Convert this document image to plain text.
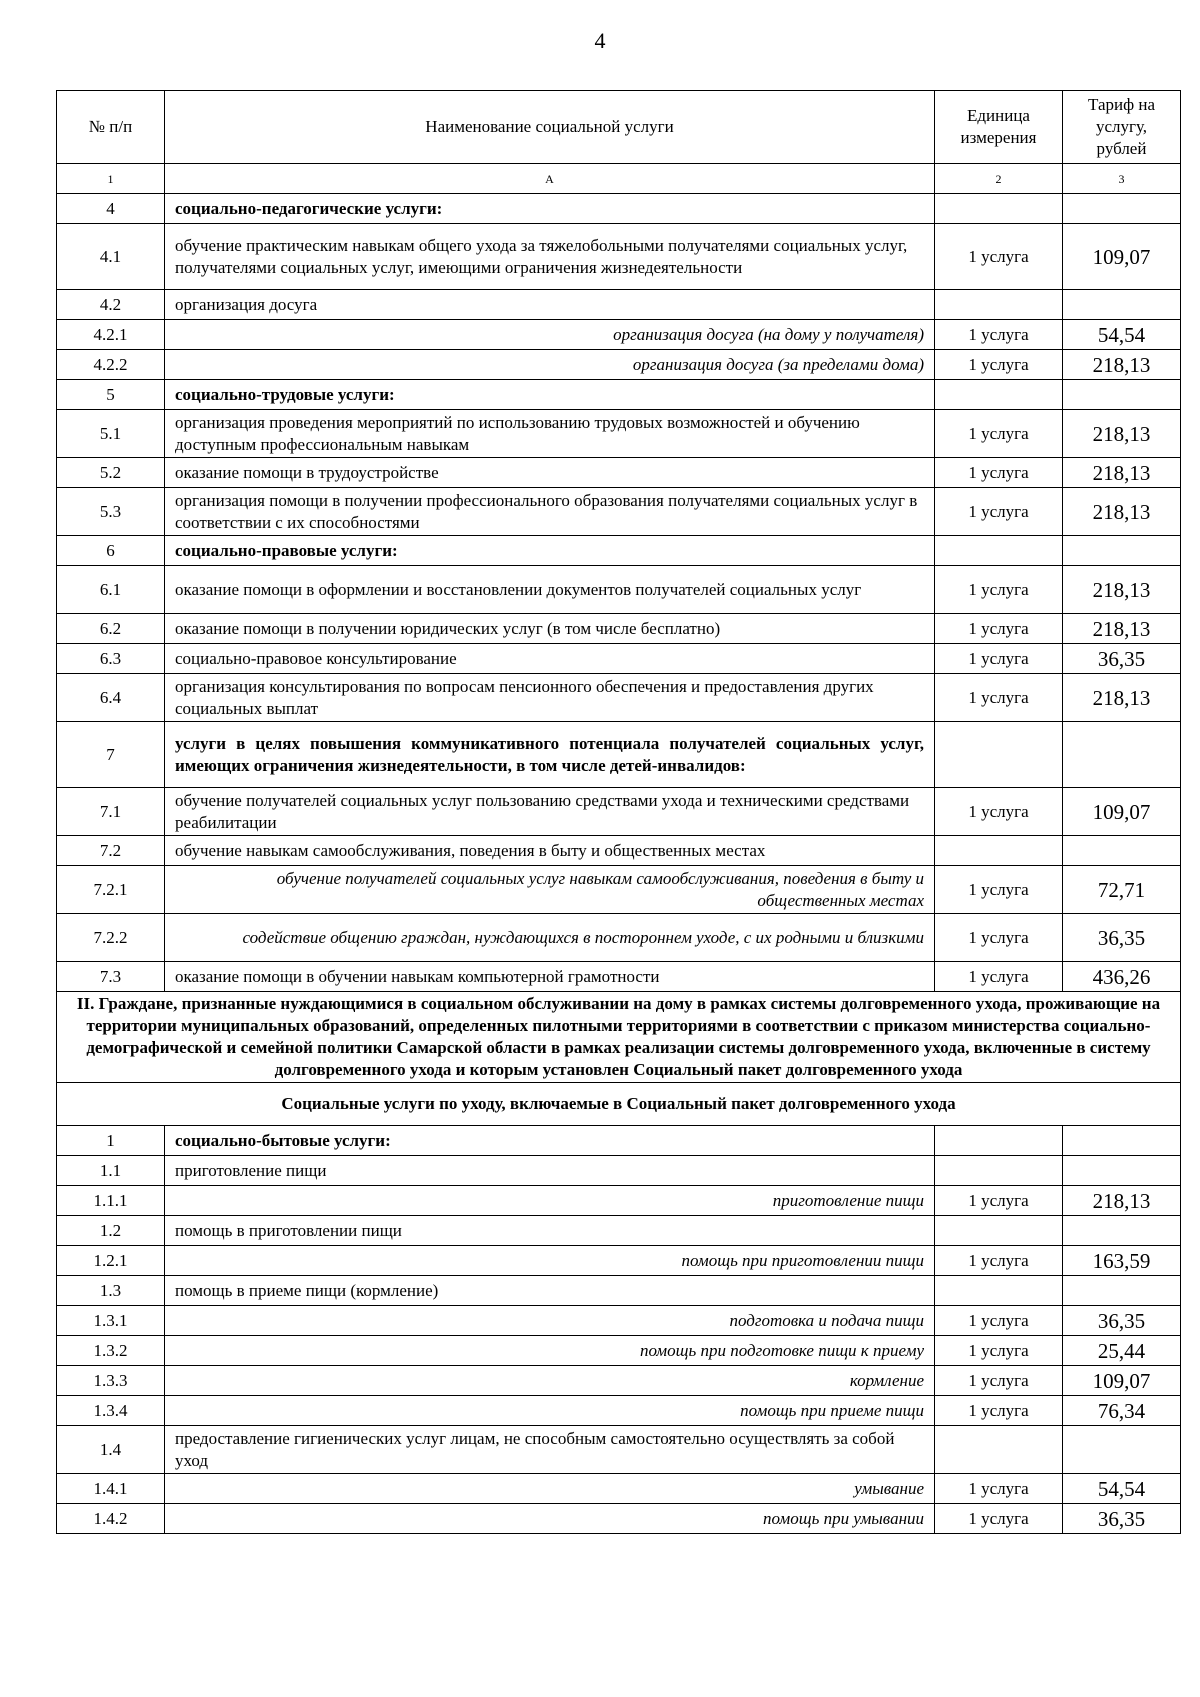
4
№ п/п	Наименование социальной услуги	Единица измерения	Тариф на услугу, рублей
1	А	2	3
4	социально-педагогические услуги:		
4.1	обучение практическим навыкам общего ухода за тяжелобольными получателями социальных услуг, получателями социальных услуг, имеющими ограничения жизнедеятельности	1 услуга	109,07
4.2	организация досуга		
4.2.1	организация досуга (на дому у получателя)	1 услуга	54,54
4.2.2	организация досуга (за пределами дома)	1 услуга	218,13
5	социально-трудовые услуги:		
5.1	организация проведения мероприятий по использованию трудовых возможностей и обучению доступным профессиональным навыкам	1 услуга	218,13
5.2	оказание помощи в трудоустройстве	1 услуга	218,13
5.3	организация помощи в получении профессионального образования получателями социальных услуг в соответствии с их способностями	1 услуга	218,13
6	социально-правовые услуги:		
6.1	оказание помощи в оформлении и восстановлении документов получателей социальных услуг	1 услуга	218,13
6.2	оказание помощи в получении юридических услуг (в том числе бесплатно)	1 услуга	218,13
6.3	социально-правовое консультирование	1 услуга	36,35
6.4	организация консультирования по вопросам пенсионного обеспечения и предоставления других социальных выплат	1 услуга	218,13
7	услуги в целях повышения коммуникативного потенциала получателей социальных услуг, имеющих ограничения жизнедеятельности, в том числе детей-инвалидов:		
7.1	обучение получателей социальных услуг пользованию средствами ухода и техническими средствами реабилитации	1 услуга	109,07
7.2	обучение навыкам самообслуживания, поведения в быту и общественных местах		
7.2.1	обучение получателей социальных услуг навыкам самообслуживания, поведения в быту и общественных местах	1 услуга	72,71
7.2.2	содействие общению граждан, нуждающихся в постороннем уходе, с их родными и близкими	1 услуга	36,35
7.3	оказание помощи в обучении навыкам компьютерной грамотности	1 услуга	436,26
II. Граждане, признанные нуждающимися в социальном обслуживании на дому в рамках системы долговременного ухода, проживающие на территории муниципальных образований, определенных пилотными территориями в соответствии с приказом министерства социально-демографической и семейной политики Самарской области в рамках реализации системы долговременного ухода, включенные в систему долговременного ухода и которым установлен Социальный пакет долговременного ухода			
Социальные услуги по уходу, включаемые в Социальный пакет долговременного ухода			
1	социально-бытовые услуги:		
1.1	приготовление пищи		
1.1.1	приготовление пищи	1 услуга	218,13
1.2	помощь в приготовлении пищи		
1.2.1	помощь при приготовлении пищи	1 услуга	163,59
1.3	помощь в приеме пищи (кормление)		
1.3.1	подготовка и подача пищи	1 услуга	36,35
1.3.2	помощь при подготовке пищи к приему	1 услуга	25,44
1.3.3	кормление	1 услуга	109,07
1.3.4	помощь при приеме пищи	1 услуга	76,34
1.4	предоставление гигиенических услуг лицам, не способным самостоятельно осуществлять за собой уход		
1.4.1	умывание	1 услуга	54,54
1.4.2	помощь при умывании	1 услуга	36,35
